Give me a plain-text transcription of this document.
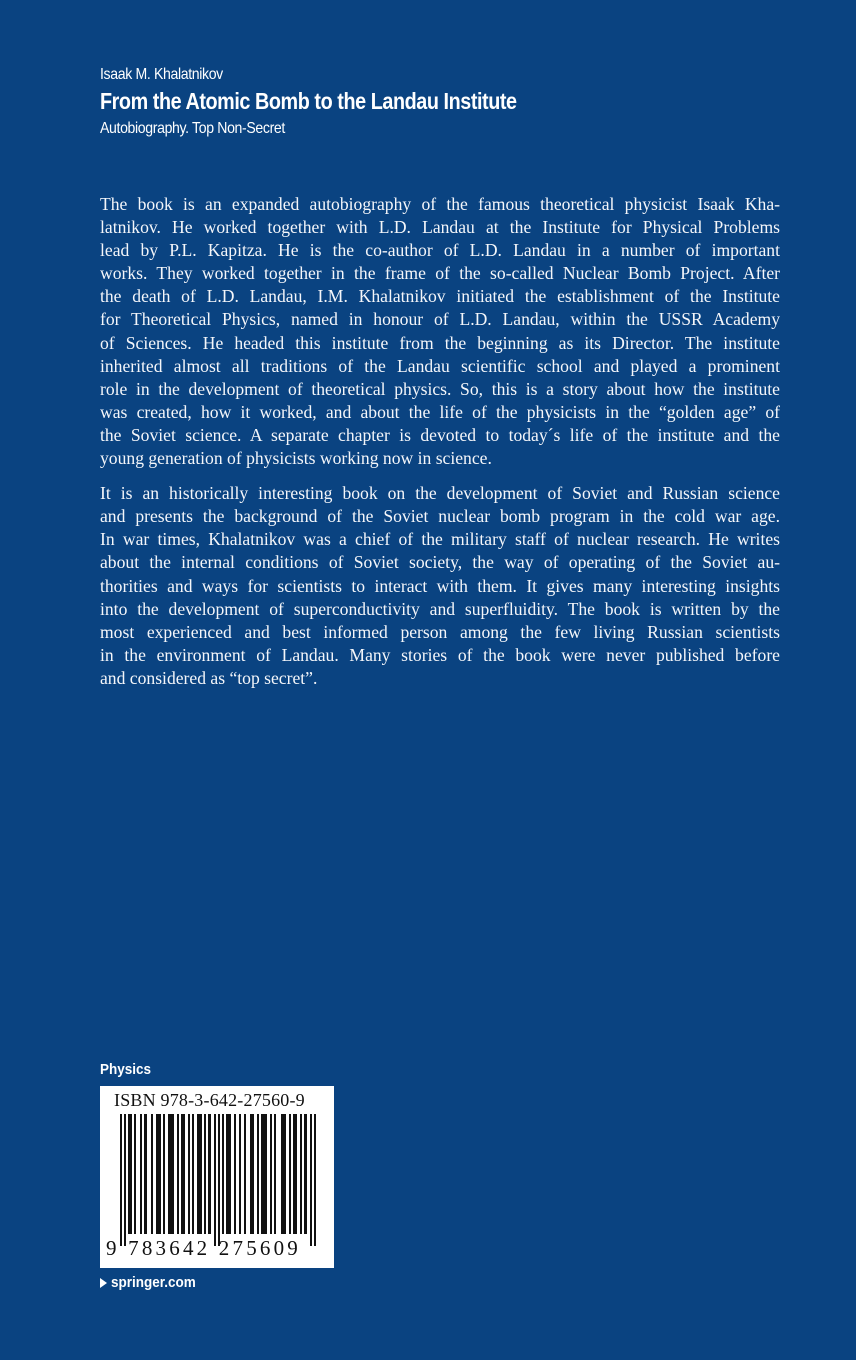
Isaak M. Khalatnikov
From the Atomic Bomb to the Landau Institute
Autobiography. Top Non-Secret

The book is an expanded autobiography of the famous theoretical physicist Isaak Kha-
latnikov. He worked together with L.D. Landau at the Institute for Physical Problems
lead by P.L. Kapitza. He is the co-author of L.D. Landau in a number of important
works. They worked together in the frame of the so-called Nuclear Bomb Project. After
the death of L.D. Landau, I.M. Khalatnikov initiated the establishment of the Institute
for Theoretical Physics, named in honour of L.D. Landau, within the USSR Academy
of Sciences. He headed this institute from the beginning as its Director. The institute
inherited almost all traditions of the Landau scientific school and played a prominent
role in the development of theoretical physics. So, this is a story about how the institute
was created, how it worked, and about the life of the physicists in the “golden age” of
the Soviet science. A separate chapter is devoted to today´s life of the institute and the
young generation of physicists working now in science.

It is an historically interesting book on the development of Soviet and Russian science
and presents the background of the Soviet nuclear bomb program in the cold war age.
In war times, Khalatnikov was a chief of the military staff of nuclear research. He writes
about the internal conditions of Soviet society, the way of operating of the Soviet au-
thorities and ways for scientists to interact with them. It gives many interesting insights
into the development of superconductivity and superfluidity. The book is written by the
most experienced and best informed person among the few living Russian scientists
in the environment of Landau. Many stories of the book were never published before
and considered as “top secret”.

Physics
ISBN 978-3-642-27560-9
9 783642 275609
springer.com
